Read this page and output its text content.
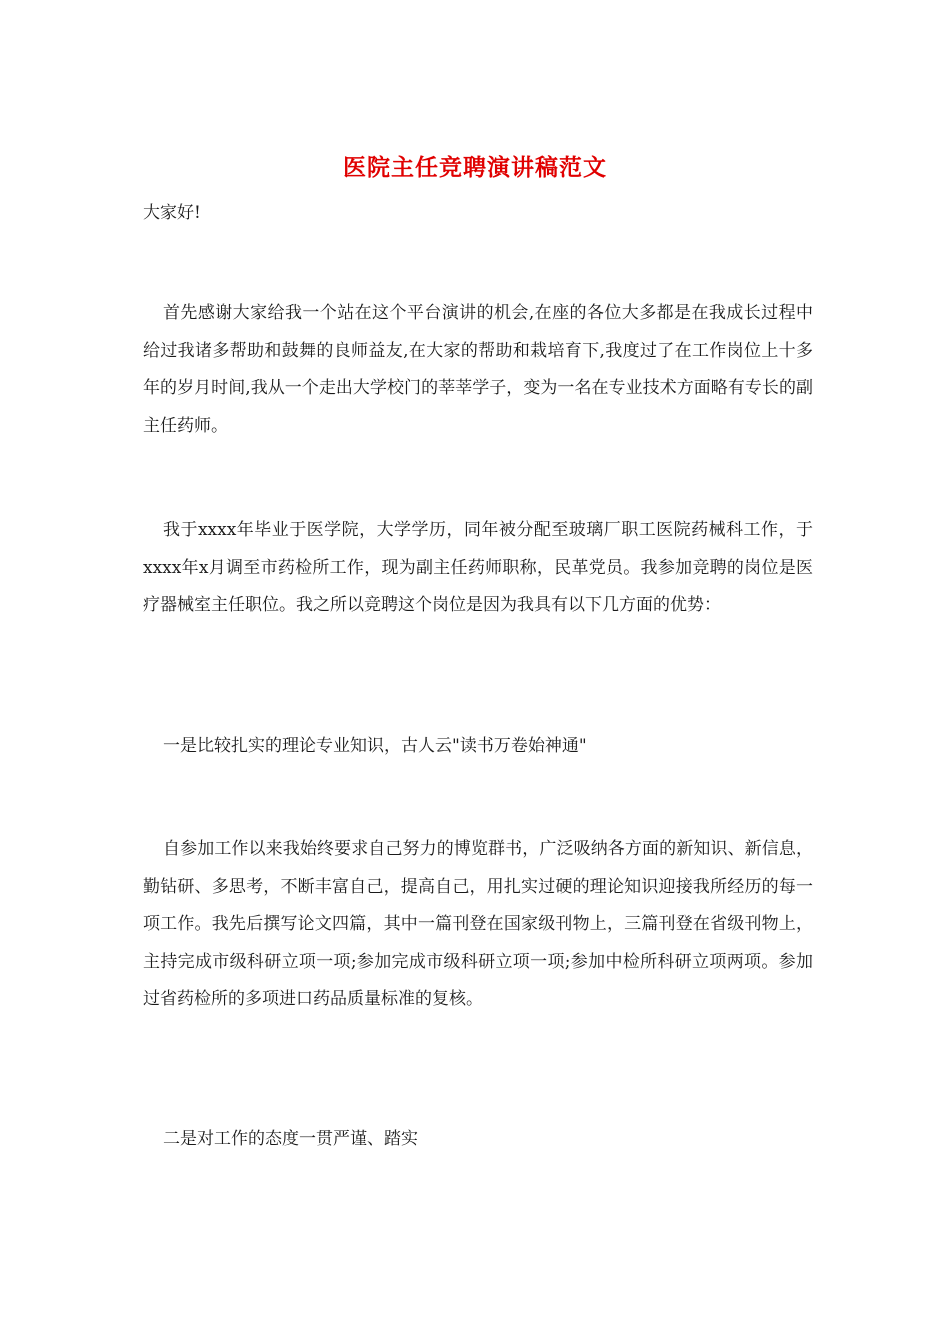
医院主任竞聘演讲稿范文
大家好!

首先感谢大家给我一个站在这个平台演讲的机会,在座的各位大多都是在我成长过程中给过我诸多帮助和鼓舞的良师益友,在大家的帮助和栽培育下,我度过了在工作岗位上十多年的岁月时间,我从一个走出大学校门的莘莘学子，变为一名在专业技术方面略有专长的副主任药师。

我于xxxx年毕业于医学院，大学学历，同年被分配至玻璃厂职工医院药械科工作，于xxxx年x月调至市药检所工作，现为副主任药师职称，民革党员。我参加竞聘的岗位是医疗器械室主任职位。我之所以竞聘这个岗位是因为我具有以下几方面的优势：

一是比较扎实的理论专业知识，古人云"读书万卷始神通"

自参加工作以来我始终要求自己努力的博览群书，广泛吸纳各方面的新知识、新信息，勤钻研、多思考，不断丰富自己，提高自己，用扎实过硬的理论知识迎接我所经历的每一项工作。我先后撰写论文四篇，其中一篇刊登在国家级刊物上，三篇刊登在省级刊物上，主持完成市级科研立项一项;参加完成市级科研立项一项;参加中检所科研立项两项。参加过省药检所的多项进口药品质量标准的复核。

二是对工作的态度一贯严谨、踏实
